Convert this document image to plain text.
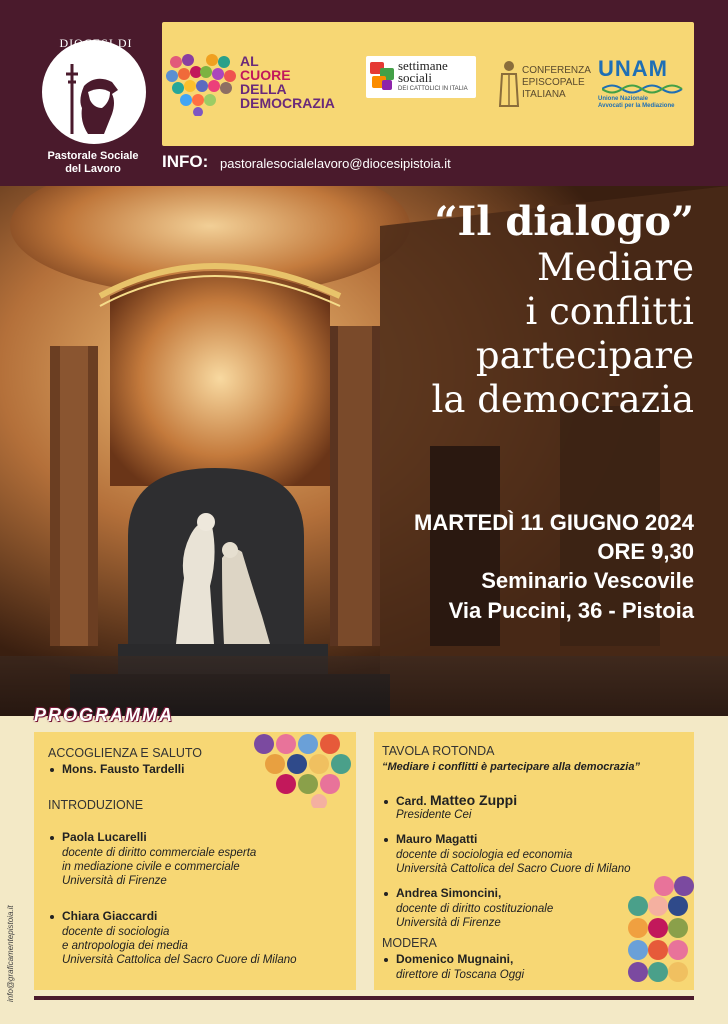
DIOCESI DI PISTOIA
Pastorale Sociale
del Lavoro
AL
CUORE
DELLA
DEMOCRAZIA
settimane
sociali
DEI CATTOLICI IN ITALIA
CONFERENZA
EPISCOPALE
ITALIANA
UNAM
Unione Nazionale
Avvocati per la Mediazione
INFO: pastoralesocialelavoro@diocesipistoia.it
“Il dialogo”
Mediare
i conflitti
partecipare
la democrazia
MARTEDÌ 11 GIUGNO 2024
ORE 9,30
Seminario Vescovile
Via Puccini, 36 - Pistoia
PROGRAMMA
ACCOGLIENZA E SALUTO
Mons. Fausto Tardelli
INTRODUZIONE
Paola Lucarelli
docente di diritto commerciale esperta
in mediazione civile e commerciale
Università di Firenze
Chiara Giaccardi
docente di sociologia
e antropologia dei media
Università Cattolica del Sacro Cuore di Milano
TAVOLA ROTONDA
“Mediare i conflitti è partecipare alla democrazia”
Card. Matteo Zuppi
Presidente Cei
Mauro Magatti
docente di sociologia ed economia
Università Cattolica del Sacro Cuore di Milano
Andrea Simoncini,
docente di diritto costituzionale
Università di Firenze
MODERA
Domenico Mugnaini,
direttore di Toscana Oggi
info@graficamentepistoia.it
